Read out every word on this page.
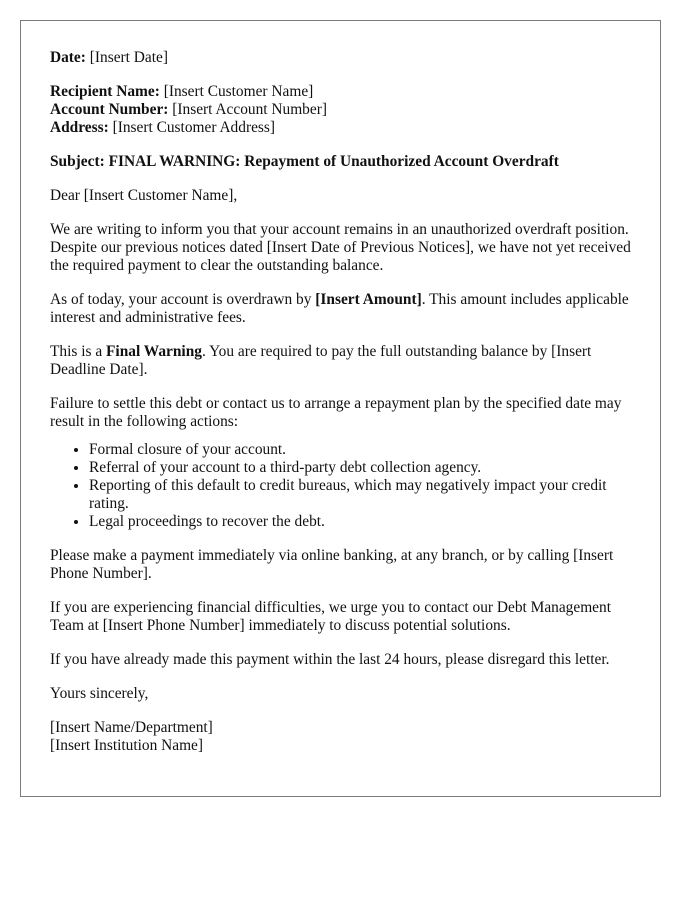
Date: [Insert Date]

Recipient Name: [Insert Customer Name]
Account Number: [Insert Account Number]
Address: [Insert Customer Address]

Subject: FINAL WARNING: Repayment of Unauthorized Account Overdraft

Dear [Insert Customer Name],

We are writing to inform you that your account remains in an unauthorized overdraft position. Despite our previous notices dated [Insert Date of Previous Notices], we have not yet received the required payment to clear the outstanding balance.

As of today, your account is overdrawn by [Insert Amount]. This amount includes applicable interest and administrative fees.

This is a Final Warning. You are required to pay the full outstanding balance by [Insert Deadline Date].

Failure to settle this debt or contact us to arrange a repayment plan by the specified date may result in the following actions:

• Formal closure of your account.
• Referral of your account to a third-party debt collection agency.
• Reporting of this default to credit bureaus, which may negatively impact your credit rating.
• Legal proceedings to recover the debt.

Please make a payment immediately via online banking, at any branch, or by calling [Insert Phone Number].

If you are experiencing financial difficulties, we urge you to contact our Debt Management Team at [Insert Phone Number] immediately to discuss potential solutions.

If you have already made this payment within the last 24 hours, please disregard this letter.

Yours sincerely,

[Insert Name/Department]
[Insert Institution Name]
